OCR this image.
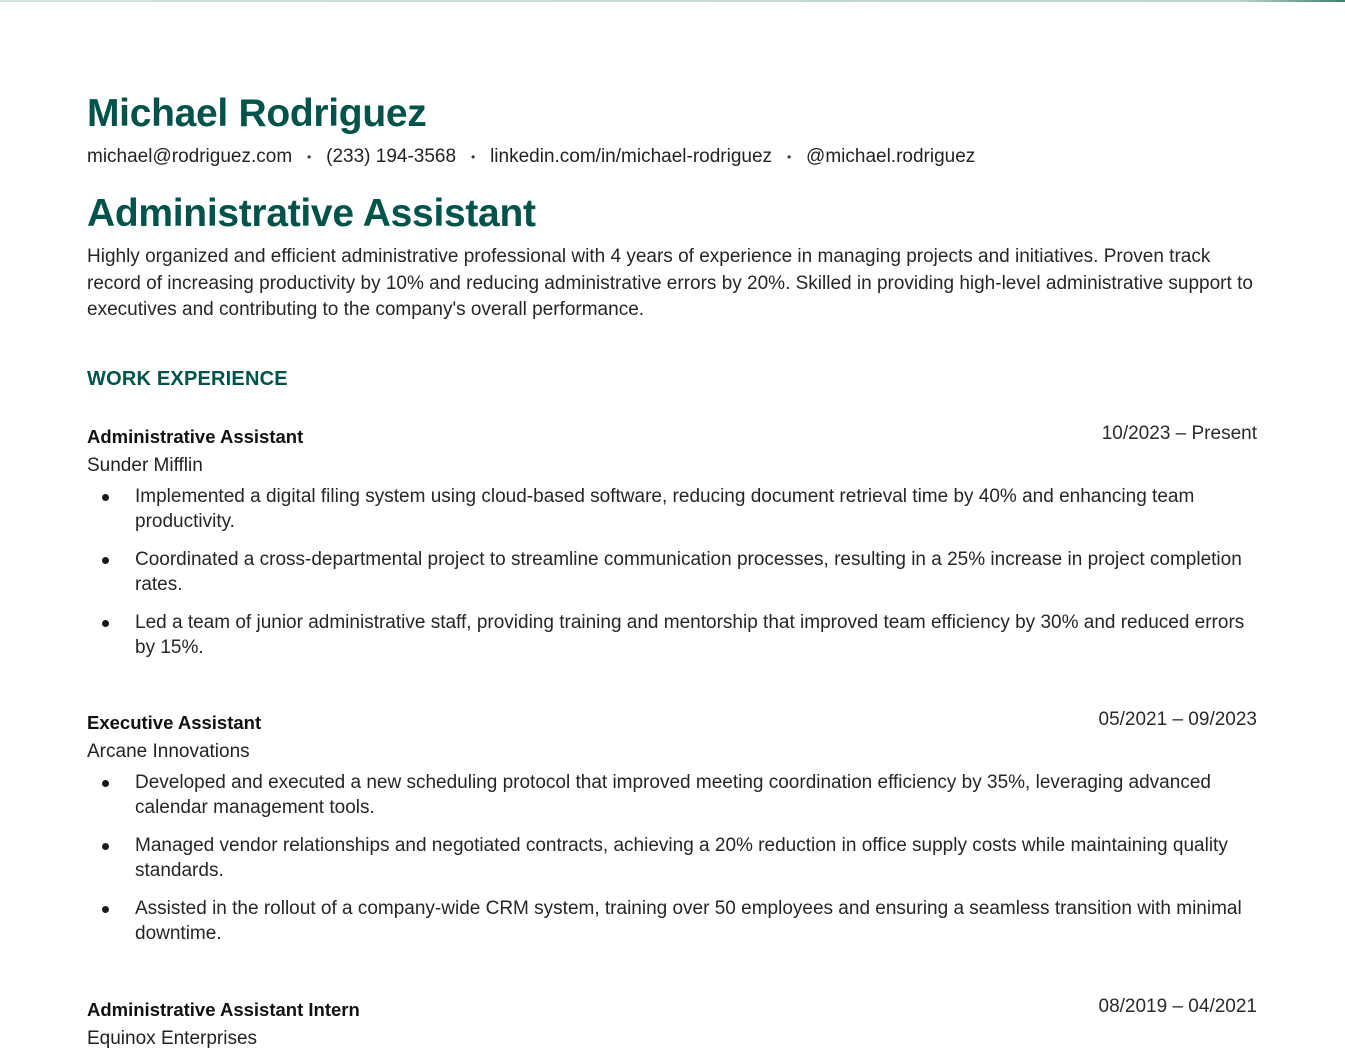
Michael Rodriguez
michael@rodriguez.com	• (233) 194-3568	• linkedin.com/in/michael-rodriguez	• @michael.rodriguez
Administrative Assistant

Highly organized and efficient administrative professional with 4 years of experience in managing projects and initiatives. Proven track record of increasing productivity by 10% and reducing administrative errors by 20%. Skilled in providing high-level administrative support to executives and contributing to the company's overall performance.

WORK EXPERIENCE
Administrative Assistant	10/2023 – Present
Sunder Mifflin
Implemented a digital filing system using cloud-based software, reducing document retrieval time by 40% and enhancing team productivity.
Coordinated a cross-departmental project to streamline communication processes, resulting in a 25% increase in project completion rates.
Led a team of junior administrative staff, providing training and mentorship that improved team efficiency by 30% and reduced errors by 15%.
Executive Assistant	05/2021 – 09/2023
Arcane Innovations
Developed and executed a new scheduling protocol that improved meeting coordination efficiency by 35%, leveraging advanced calendar management tools.
Managed vendor relationships and negotiated contracts, achieving a 20% reduction in office supply costs while maintaining quality standards.
Assisted in the rollout of a company-wide CRM system, training over 50 employees and ensuring a seamless transition with minimal downtime.
Administrative Assistant Intern	08/2019 – 04/2021
Equinox Enterprises
